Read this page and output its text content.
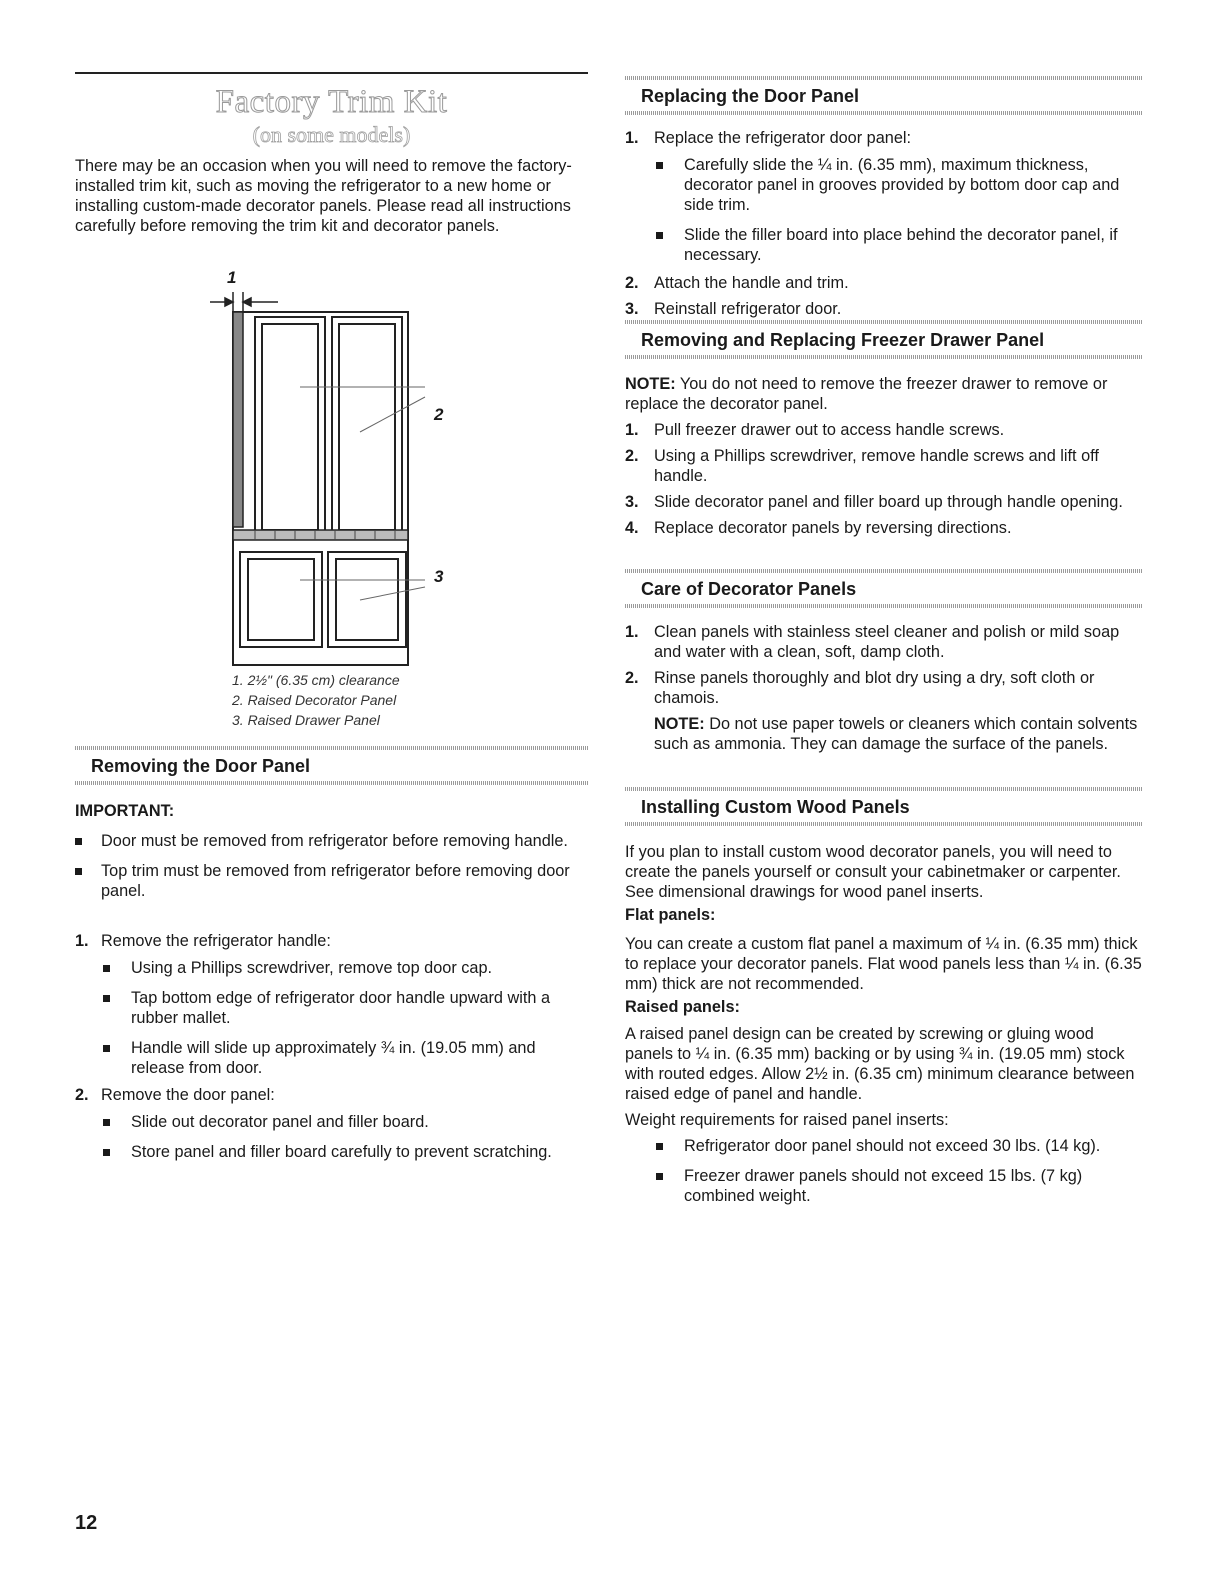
Factory Trim Kit
(on some models)

There may be an occasion when you will need to remove the factory-installed trim kit, such as moving the refrigerator to a new home or installing custom-made decorator panels. Please read all instructions carefully before removing the trim kit and decorator panels.

1
2
3
1. 2½" (6.35 cm) clearance
2. Raised Decorator Panel
3. Raised Drawer Panel
Removing the Door Panel
IMPORTANT:
Door must be removed from refrigerator before removing handle.
Top trim must be removed from refrigerator before removing door panel.
1. Remove the refrigerator handle:
Using a Phillips screwdriver, remove top door cap.
Tap bottom edge of refrigerator door handle upward with a rubber mallet.
Handle will slide up approximately ¾ in. (19.05 mm) and release from door.
2. Remove the door panel:
Slide out decorator panel and filler board.
Store panel and filler board carefully to prevent scratching.
Replacing the Door Panel
1. Replace the refrigerator door panel:
Carefully slide the ¼ in. (6.35 mm), maximum thickness, decorator panel in grooves provided by bottom door cap and side trim.
Slide the filler board into place behind the decorator panel, if necessary.
2. Attach the handle and trim.
3. Reinstall refrigerator door.
Removing and Replacing Freezer Drawer Panel

NOTE: You do not need to remove the freezer drawer to remove or replace the decorator panel.

1. Pull freezer drawer out to access handle screws.
2. Using a Phillips screwdriver, remove handle screws and lift off handle.
3. Slide decorator panel and filler board up through handle opening.
4. Replace decorator panels by reversing directions.
Care of Decorator Panels
1. Clean panels with stainless steel cleaner and polish or mild soap and water with a clean, soft, damp cloth.
2. Rinse panels thoroughly and blot dry using a dry, soft cloth or chamois.
NOTE: Do not use paper towels or cleaners which contain solvents such as ammonia. They can damage the surface of the panels.
Installing Custom Wood Panels

If you plan to install custom wood decorator panels, you will need to create the panels yourself or consult your cabinetmaker or carpenter. See dimensional drawings for wood panel inserts.

Flat panels:

You can create a custom flat panel a maximum of ¼ in. (6.35 mm) thick to replace your decorator panels. Flat wood panels less than ¼ in. (6.35 mm) thick are not recommended.

Raised panels:

A raised panel design can be created by screwing or gluing wood panels to ¼ in. (6.35 mm) backing or by using ¾ in. (19.05 mm) stock with routed edges. Allow 2½ in. (6.35 cm) minimum clearance between raised edge of panel and handle.

Weight requirements for raised panel inserts:

Refrigerator door panel should not exceed 30 lbs. (14 kg).
Freezer drawer panels should not exceed 15 lbs. (7 kg) combined weight.
12
